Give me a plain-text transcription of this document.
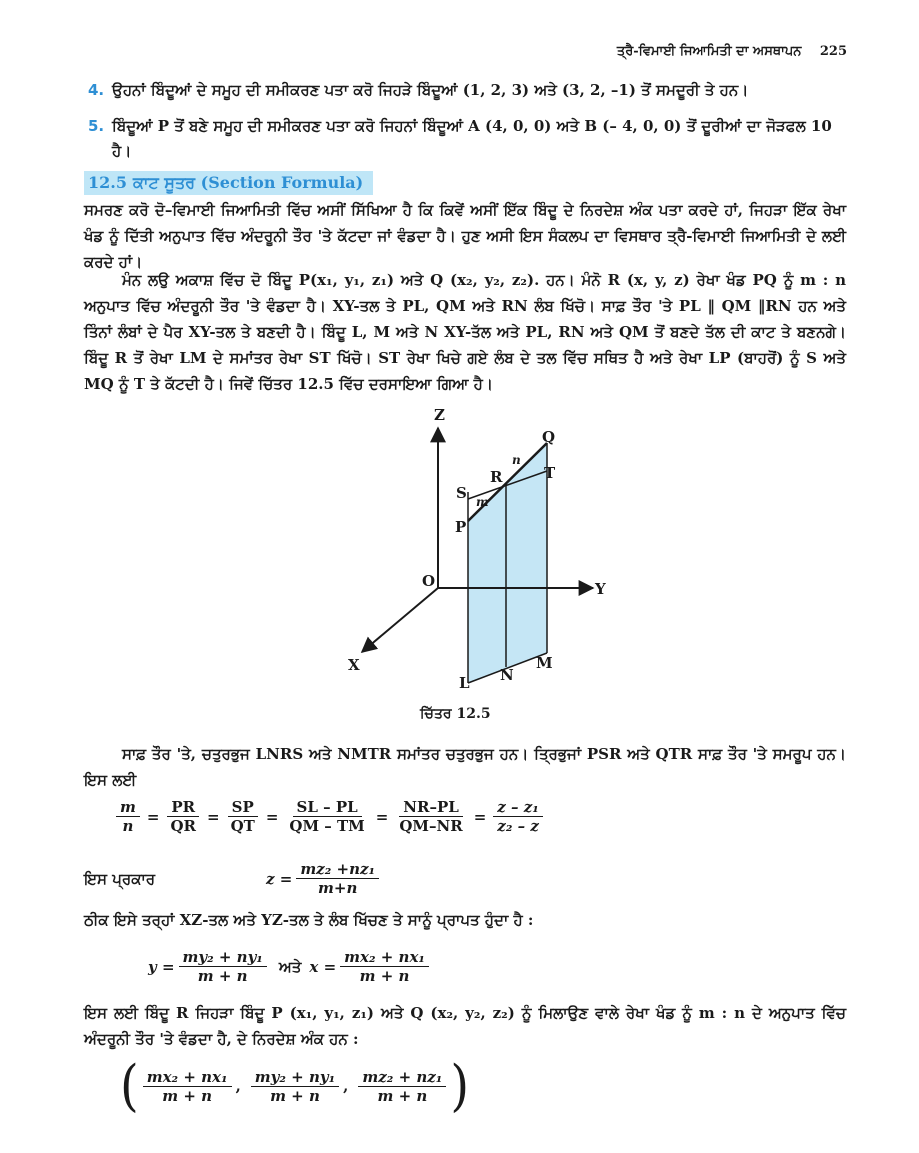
ਤ੍ਰੈ-ਵਿਮਾਈ ਜਿਆਮਿਤੀ ਦਾ ਅਸਥਾਪਨ 225
4. ਉਹਨਾਂ ਬਿੰਦੂਆਂ ਦੇ ਸਮੂਹ ਦੀ ਸਮੀਕਰਣ ਪਤਾ ਕਰੋ ਜਿਹੜੇ ਬਿੰਦੂਆਂ (1, 2, 3) ਅਤੇ (3, 2, –1) ਤੋਂ ਸਮਦੂਰੀ ਤੇ ਹਨ।
5. ਬਿੰਦੂਆਂ P ਤੋਂ ਬਣੇ ਸਮੂਹ ਦੀ ਸਮੀਕਰਣ ਪਤਾ ਕਰੋ ਜਿਹਨਾਂ ਬਿੰਦੂਆਂ A (4, 0, 0) ਅਤੇ B (– 4, 0, 0) ਤੋਂ ਦੂਰੀਆਂ ਦਾ ਜੋੜਫਲ 10 ਹੈ।
12.5 ਕਾਟ ਸੂਤਰ (Section Formula)
ਸਮਰਣ ਕਰੋ ਦੋ–ਵਿਮਾਈ ਜਿਆਮਿਤੀ ਵਿੱਚ ਅਸੀਂ ਸਿੱਖਿਆ ਹੈ ਕਿ ਕਿਵੇਂ ਅਸੀਂ ਇੱਕ ਬਿੰਦੂ ਦੇ ਨਿਰਦੇਸ਼ ਅੰਕ ਪਤਾ ਕਰਦੇ ਹਾਂ, ਜਿਹੜਾ ਇੱਕ ਰੇਖਾ ਖੰਡ ਨੂੰ ਦਿੱਤੀ ਅਨੁਪਾਤ ਵਿੱਚ ਅੰਦਰੂਨੀ ਤੌਰ 'ਤੇ ਕੱਟਦਾ ਜਾਂ ਵੰਡਦਾ ਹੈ। ਹੁਣ ਅਸੀ ਇਸ ਸੰਕਲਪ ਦਾ ਵਿਸਥਾਰ ਤ੍ਰੈ-ਵਿਮਾਈ ਜਿਆਮਿਤੀ ਦੇ ਲਈ ਕਰਦੇ ਹਾਂ।
ਮੰਨ ਲਉ ਅਕਾਸ਼ ਵਿੱਚ ਦੋ ਬਿੰਦੂ P(x₁, y₁, z₁) ਅਤੇ Q (x₂, y₂, z₂). ਹਨ। ਮੰਨੋ R (x, y, z) ਰੇਖਾ ਖੰਡ PQ ਨੂੰ m : n ਅਨੁਪਾਤ ਵਿੱਚ ਅੰਦਰੂਨੀ ਤੌਰ 'ਤੇ ਵੰਡਦਾ ਹੈ। XY-ਤਲ ਤੇ PL, QM ਅਤੇ RN ਲੰਬ ਖਿੱਚੋ। ਸਾਫ਼ ਤੌਰ 'ਤੇ PL ‖ QM ‖RN ਹਨ ਅਤੇ ਤਿੰਨਾਂ ਲੰਬਾਂ ਦੇ ਪੈਰ XY-ਤਲ ਤੇ ਬਣਦੀ ਹੈ। ਬਿੰਦੂ L, M ਅਤੇ N XY-ਤੱਲ ਅਤੇ PL, RN ਅਤੇ QM ਤੋਂ ਬਣਦੇ ਤੱਲ ਦੀ ਕਾਟ ਤੇ ਬਣਨਗੇ। ਬਿੰਦੂ R ਤੋਂ ਰੇਖਾ LM ਦੇ ਸਮਾਂਤਰ ਰੇਖਾ ST ਖਿੱਚੋ। ST ਰੇਖਾ ਖਿਚੇ ਗਏ ਲੰਬ ਦੇ ਤਲ ਵਿੱਚ ਸਥਿਤ ਹੈ ਅਤੇ ਰੇਖਾ LP (ਬਾਹਰੋਂ) ਨੂੰ S ਅਤੇ MQ ਨੂੰ T ਤੇ ਕੱਟਦੀ ਹੈ। ਜਿਵੇਂ ਚਿੱਤਰ 12.5 ਵਿੱਚ ਦਰਸਾਇਆ ਗਿਆ ਹੈ।
Z
Y
X
O
P
Q
R
S
T
L
M
N
m
n
ਚਿੱਤਰ 12.5
ਸਾਫ਼ ਤੌਰ 'ਤੇ, ਚਤੁਰਭੁਜ LNRS ਅਤੇ NMTR ਸਮਾਂਤਰ ਚਤੁਰਭੁਜ ਹਨ। ਤ੍ਰਿਭੁਜਾਂ PSR ਅਤੇ QTR ਸਾਫ਼ ਤੌਰ 'ਤੇ ਸਮਰੂਪ ਹਨ। ਇਸ ਲਈ
$\frac{m}{n} = \frac{PR}{QR} = \frac{SP}{QT} = \frac{SL - PL}{QM - TM} = \frac{NR-PL}{QM-NR} = \frac{\text{z – z₁}}{\text{z₂ – z}}$
ਇਸ ਪ੍ਰਕਾਰ	$z = \frac{\text{mz₂ +nz₁}}{m+n}$
ਠੀਕ ਇਸੇ ਤਰ੍ਹਾਂ XZ-ਤਲ ਅਤੇ YZ-ਤਲ ਤੇ ਲੰਬ ਖਿੱਚਣ ਤੇ ਸਾਨੂੰ ਪ੍ਰਾਪਤ ਹੁੰਦਾ ਹੈ :
$y = \frac{\text{my₂ + ny₁}}{m + n}$ ਅਤੇ $x = \frac{\text{mx₂ + nx₁}}{m + n}$
ਇਸ ਲਈ ਬਿੰਦੂ R ਜਿਹੜਾ ਬਿੰਦੂ P (x₁, y₁, z₁) ਅਤੇ Q (x₂, y₂, z₂) ਨੂੰ ਮਿਲਾਉਣ ਵਾਲੇ ਰੇਖਾ ਖੰਡ ਨੂੰ m : n ਦੇ ਅਨੁਪਾਤ ਵਿੱਚ ਅੰਦਰੂਨੀ ਤੌਰ 'ਤੇ ਵੰਡਦਾ ਹੈ, ਦੇ ਨਿਰਦੇਸ਼ ਅੰਕ ਹਨ :
( $\frac{\text{mx₂ + nx₁}}{m + n}$ , $\frac{\text{my₂ + ny₁}}{m + n}$ , $\frac{\text{mz₂ + nz₁}}{m + n}$ )
